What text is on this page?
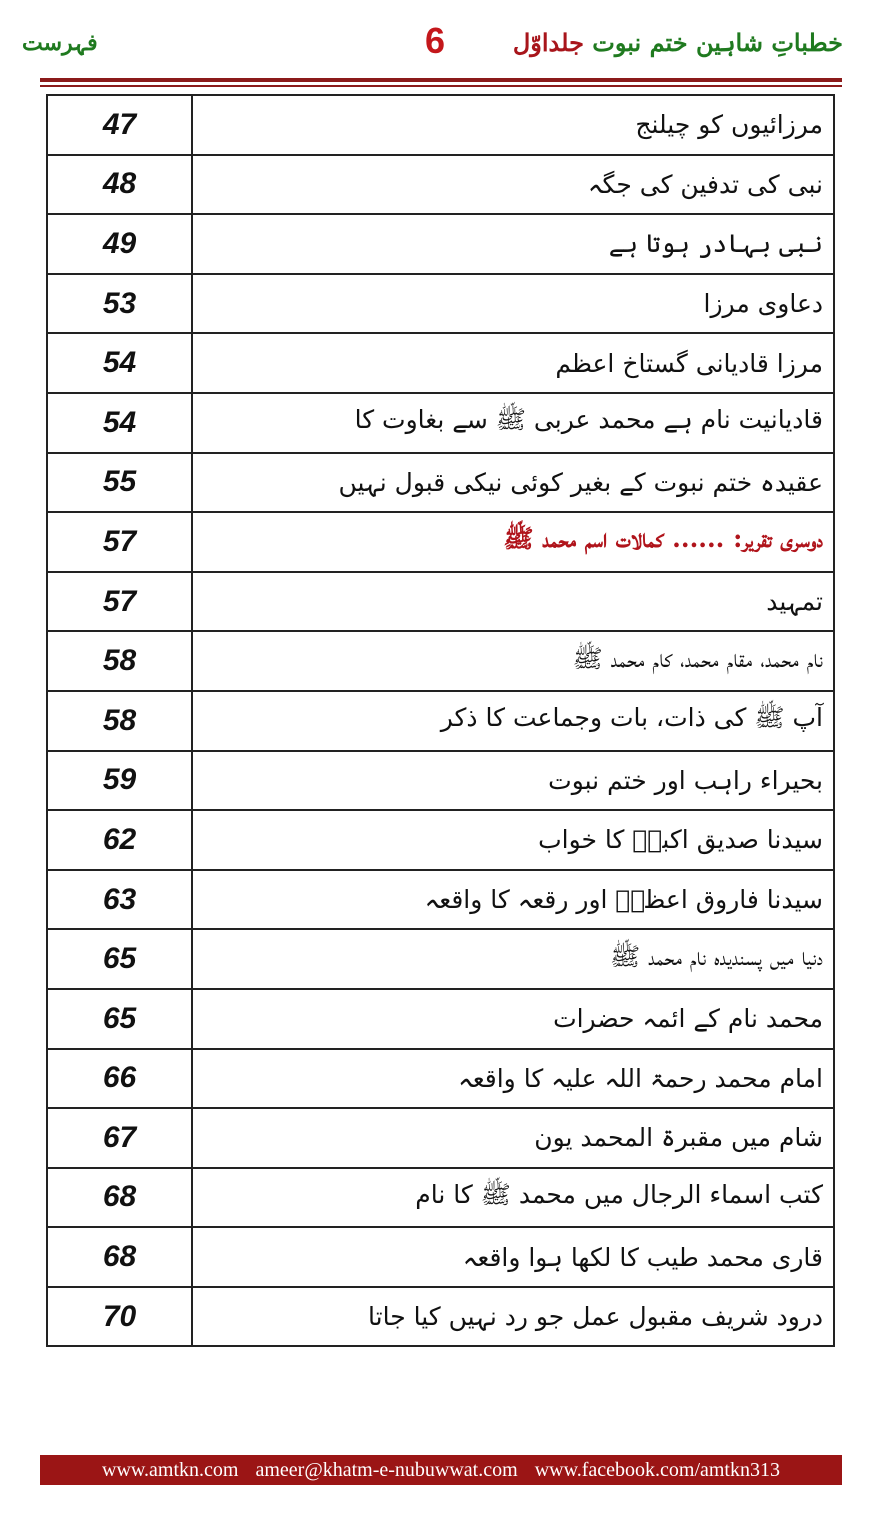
فہرست	6	خطباتِ شاہین ختم نبوت جلداوّل
47	مرزائیوں کو چیلنج
48	نبی کی تدفین کی جگہ
49	نبی بہادر ہوتا ہے
53	دعاوی مرزا
54	مرزا قادیانی گستاخ اعظم
54	قادیانیت نام ہے محمد عربی ﷺ سے بغاوت کا
55	عقیدہ ختم نبوت کے بغیر کوئی نیکی قبول نہیں
57	دوسری تقریر: ...... کمالات اسم محمد ﷺ
57	تمہید
58	نام محمد، مقام محمد، کام محمد ﷺ
58	آپ ﷺ کی ذات، بات وجماعت کا ذکر
59	بحیراء راہب اور ختم نبوت
62	سیدنا صدیق اکبرؓ کا خواب
63	سیدنا فاروق اعظمؓ اور رقعہ کا واقعہ
65	دنیا میں پسندیدہ نام محمد ﷺ
65	محمد نام کے ائمہ حضرات
66	امام محمد رحمۃ اللہ علیہ کا واقعہ
67	شام میں مقبرۃ المحمد یون
68	کتب اسماء الرجال میں محمد ﷺ کا نام
68	قاری محمد طیب کا لکھا ہوا واقعہ
70	درود شریف مقبول عمل جو رد نہیں کیا جاتا
www.amtkn.com ameer@khatm-e-nubuwwat.com www.facebook.com/amtkn313
